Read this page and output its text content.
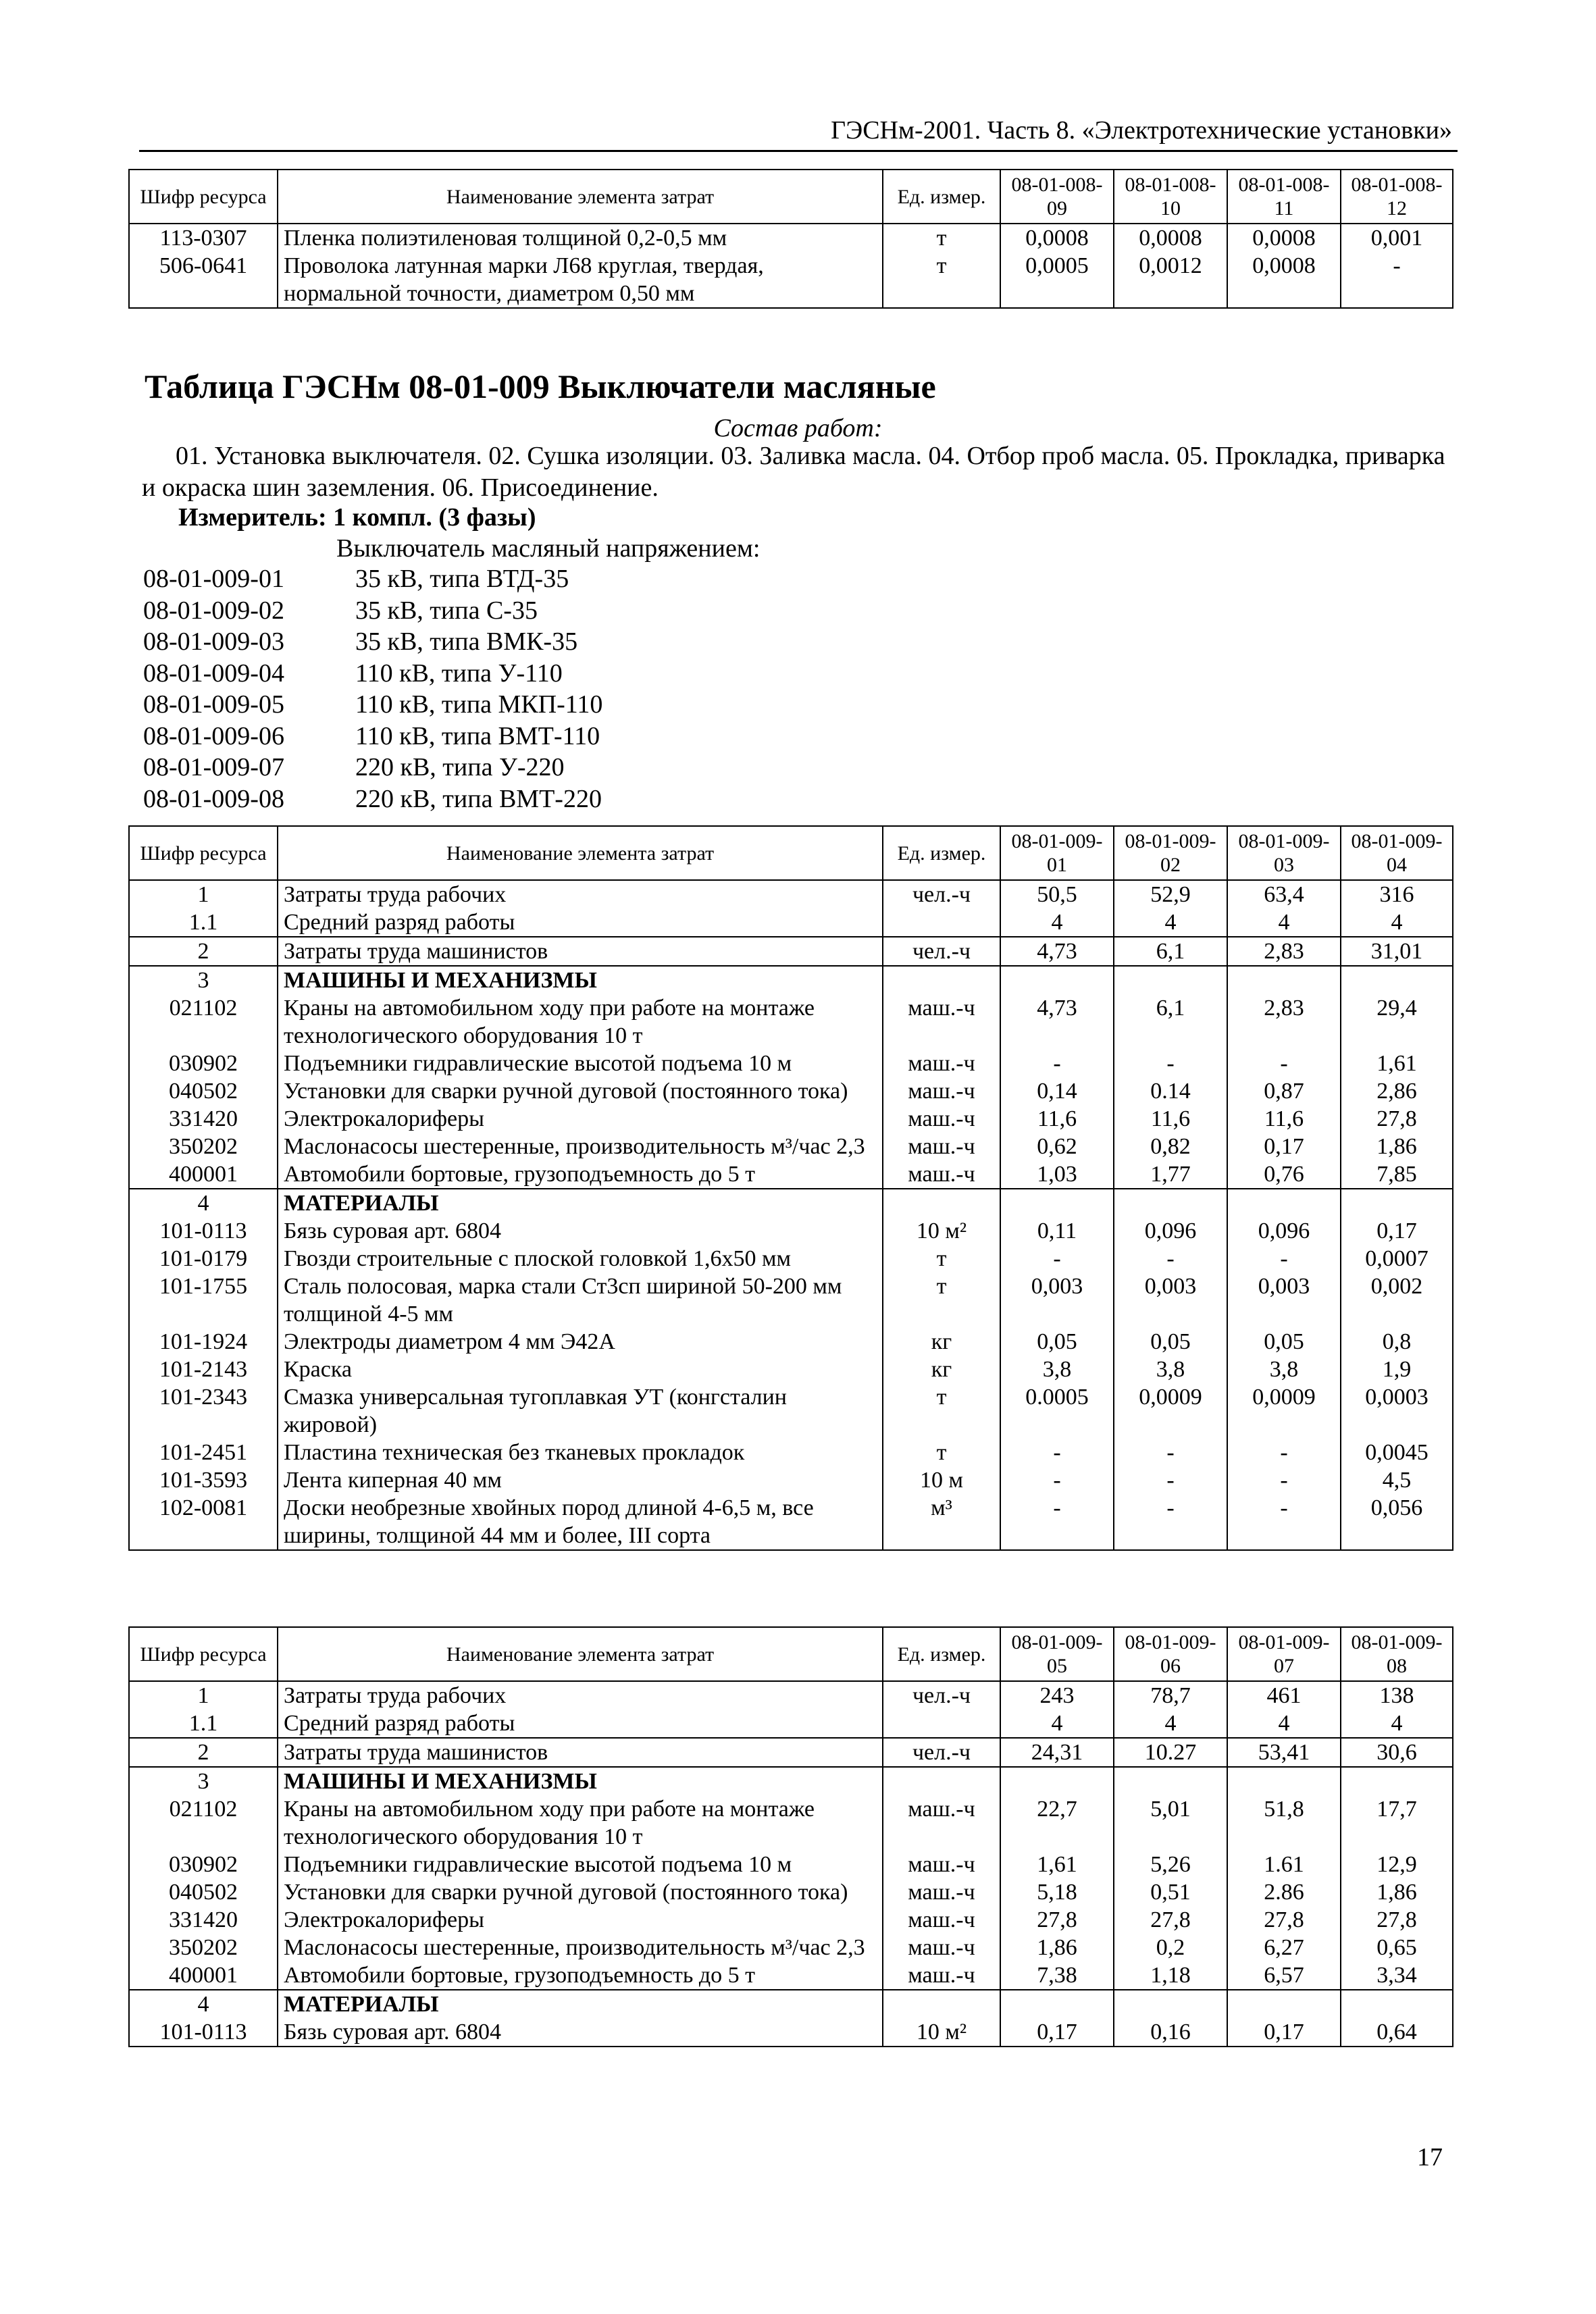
ГЭСНм-2001. Часть 8. «Электротехнические установки»
Шифр ресурса	Наименование элемента затрат	Ед. измер.	08-01-008-09	08-01-008-10	08-01-008-11	08-01-008-12
113-0307	Пленка полиэтиленовая толщиной 0,2-0,5 мм	т	0,0008	0,0008	0,0008	0,001
506-0641	Проволока латунная марки Л68 круглая, твердая, нормальной точности, диаметром 0,50 мм	т	0,0005	0,0012	0,0008	-
Таблица ГЭСНм 08-01-009 Выключатели масляные
Состав работ:
01. Установка выключателя. 02. Сушка изоляции. 03. Заливка масла. 04. Отбор проб масла. 05. Прокладка, приварка и окраска шин заземления. 06. Присоединение.
Измеритель: 1 компл. (3 фазы)
Выключатель масляный напряжением:
08-01-009-01	35 кВ, типа ВТД-35
08-01-009-02	35 кВ, типа С-35
08-01-009-03	35 кВ, типа ВМК-35
08-01-009-04	110 кВ, типа У-110
08-01-009-05	110 кВ, типа МКП-110
08-01-009-06	110 кВ, типа ВМТ-110
08-01-009-07	220 кВ, типа У-220
08-01-009-08	220 кВ, типа ВМТ-220
Шифр ресурса	Наименование элемента затрат	Ед. измер.	08-01-009-01	08-01-009-02	08-01-009-03	08-01-009-04
1	Затраты труда рабочих	чел.-ч	50,5	52,9	63,4	316
1.1	Средний разряд работы		4	4	4	4
2	Затраты труда машинистов	чел.-ч	4,73	6,1	2,83	31,01
3	МАШИНЫ И МЕХАНИЗМЫ					
021102	Краны на автомобильном ходу при работе на монтаже технологического оборудования 10 т	маш.-ч	4,73	6,1	2,83	29,4
030902	Подъемники гидравлические высотой подъема 10 м	маш.-ч	-	-	-	1,61
040502	Установки для сварки ручной дуговой (постоянного тока)	маш.-ч	0,14	0.14	0,87	2,86
331420	Электрокалориферы	маш.-ч	11,6	11,6	11,6	27,8
350202	Маслонасосы шестеренные, производительность м³/час 2,3	маш.-ч	0,62	0,82	0,17	1,86
400001	Автомобили бортовые, грузоподъемность до 5 т	маш.-ч	1,03	1,77	0,76	7,85
4	МАТЕРИАЛЫ					
101-0113	Бязь суровая арт. 6804	10 м²	0,11	0,096	0,096	0,17
101-0179	Гвозди строительные с плоской головкой 1,6х50 мм	т	-	-	-	0,0007
101-1755	Сталь полосовая, марка стали Ст3сп шириной 50-200 мм толщиной 4-5 мм	т	0,003	0,003	0,003	0,002
101-1924	Электроды диаметром 4 мм Э42А	кг	0,05	0,05	0,05	0,8
101-2143	Краска	кг	3,8	3,8	3,8	1,9
101-2343	Смазка универсальная тугоплавкая УТ (конгсталин жировой)	т	0.0005	0,0009	0,0009	0,0003
101-2451	Пластина техническая без тканевых прокладок	т	-	-	-	0,0045
101-3593	Лента киперная 40 мм	10 м	-	-	-	4,5
102-0081	Доски необрезные хвойных пород длиной 4-6,5 м, все ширины, толщиной 44 мм и более, III сорта	м³	-	-	-	0,056
Шифр ресурса	Наименование элемента затрат	Ед. измер.	08-01-009-05	08-01-009-06	08-01-009-07	08-01-009-08
1	Затраты труда рабочих	чел.-ч	243	78,7	461	138
1.1	Средний разряд работы		4	4	4	4
2	Затраты труда машинистов	чел.-ч	24,31	10.27	53,41	30,6
3	МАШИНЫ И МЕХАНИЗМЫ					
021102	Краны на автомобильном ходу при работе на монтаже технологического оборудования 10 т	маш.-ч	22,7	5,01	51,8	17,7
030902	Подъемники гидравлические высотой подъема 10 м	маш.-ч	1,61	5,26	1.61	12,9
040502	Установки для сварки ручной дуговой (постоянного тока)	маш.-ч	5,18	0,51	2.86	1,86
331420	Электрокалориферы	маш.-ч	27,8	27,8	27,8	27,8
350202	Маслонасосы шестеренные, производительность м³/час 2,3	маш.-ч	1,86	0,2	6,27	0,65
400001	Автомобили бортовые, грузоподъемность до 5 т	маш.-ч	7,38	1,18	6,57	3,34
4	МАТЕРИАЛЫ					
101-0113	Бязь суровая арт. 6804	10 м²	0,17	0,16	0,17	0,64
17
